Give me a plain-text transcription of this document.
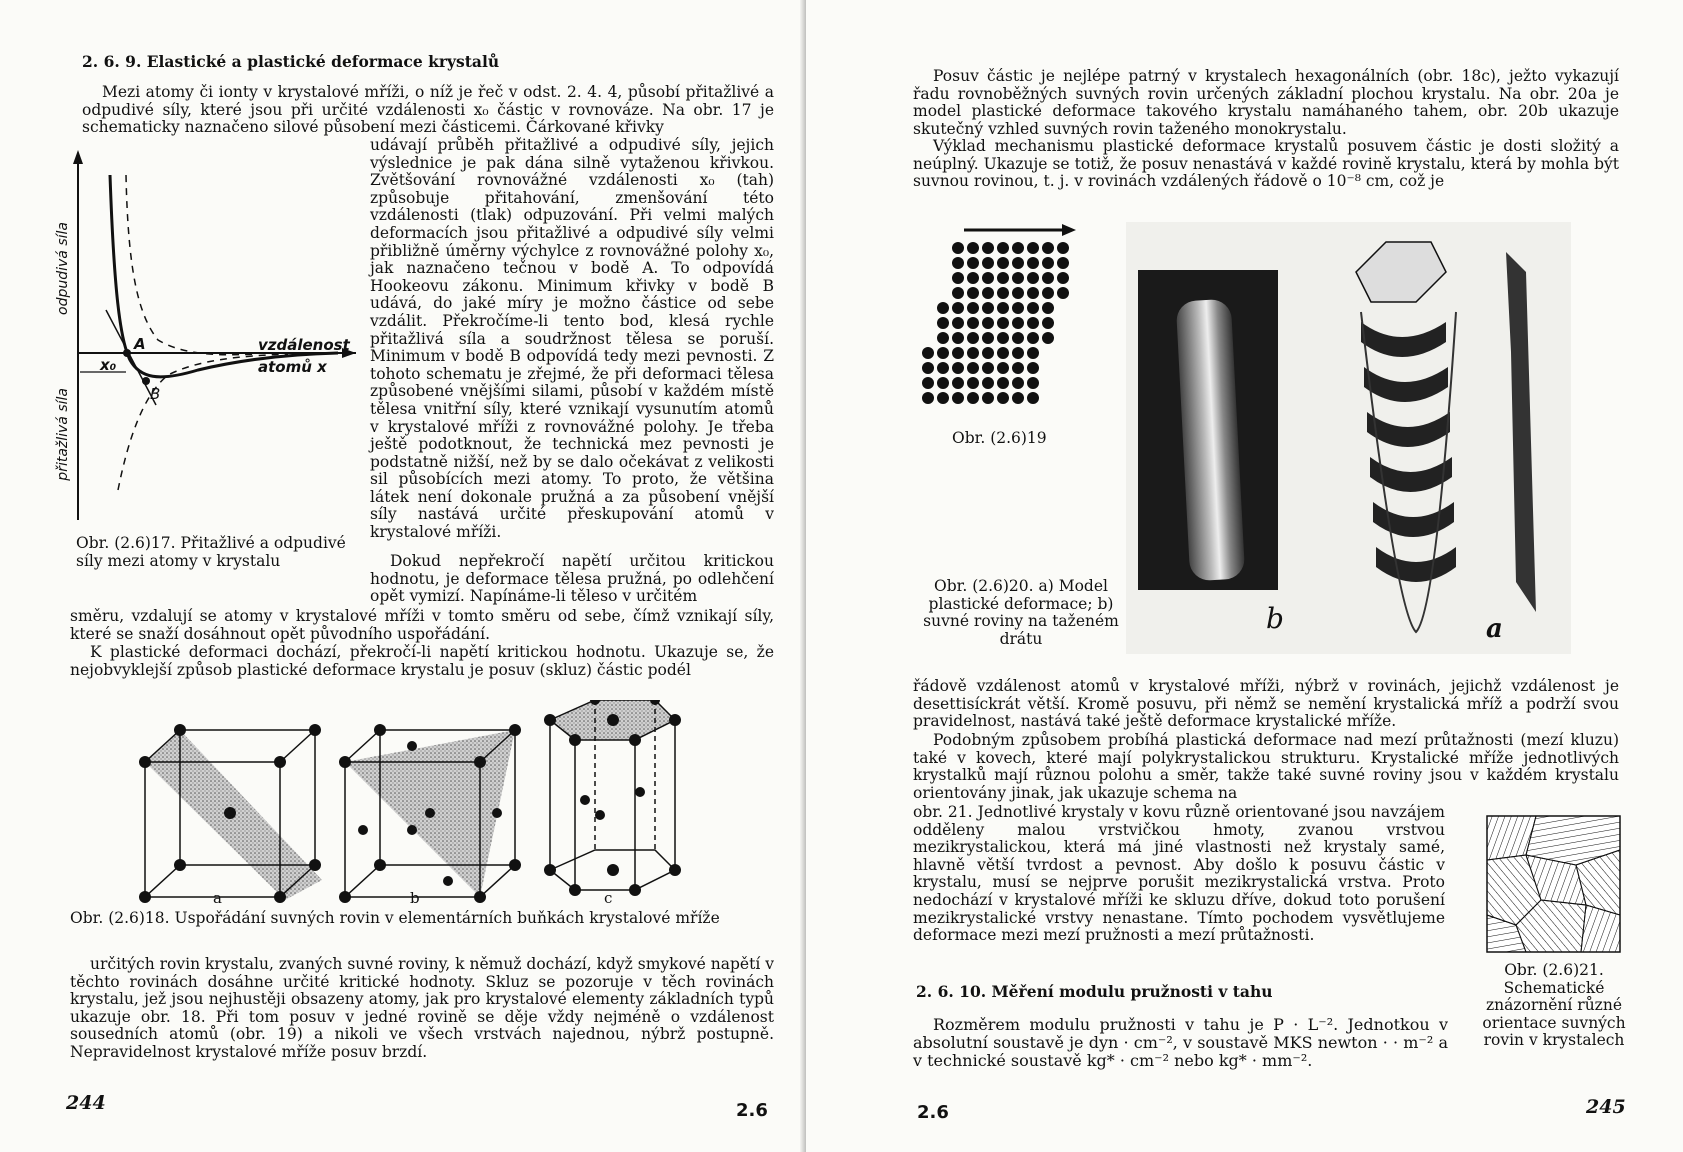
2. 6. 9. Elastické a plastické deformace krystalů

Mezi atomy či ionty v krystalové mříži, o níž je řeč v odst. 2. 4. 4, působí přitažlivé a odpudivé síly, které jsou při určité vzdálenosti x₀ částic v rovnováze. Na obr. 17 je schematicky naznačeno silové působení mezi částicemi. Čárkované křivky

odpudivá síla
přitažlivá síla
vzdálenost
atomů x
A
B
x₀

udávají průběh přitažlivé a odpudivé síly, jejich výslednice je pak dána silně vytaženou křivkou. Zvětšování rovnovážné vzdálenosti x₀ (tah) způsobuje přitahování, zmenšování této vzdálenosti (tlak) odpuzování. Při velmi malých deformacích jsou přitažlivé a odpudivé síly velmi přibližně úměrny výchylce z rovnovážné polohy x₀, jak naznačeno tečnou v bodě A. To odpovídá Hookeovu zákonu. Minimum křivky v bodě B udává, do jaké míry je možno částice od sebe vzdálit. Překročíme-li tento bod, klesá rychle přitažlivá síla a soudržnost tělesa se poruší. Minimum v bodě B odpovídá tedy mezi pevnosti. Z tohoto schematu je zřejmé, že při deformaci tělesa způsobené vnějšími silami, působí v každém místě tělesa vnitřní síly, které vznikají vysunutím atomů v krystalové mříži z rovnovážné polohy. Je třeba ještě podotknout, že technická mez pevnosti je podstatně nižší, než by se dalo očekávat z velikosti sil působících mezi atomy. To proto, že většina látek není dokonale pružná a za působení vnější síly nastává určité přeskupování atomů v krystalové mříži.

Obr. (2.6)17. Přitažlivé a odpudivé síly mezi atomy v krystalu	Dokud nepřekročí napětí určitou kritickou hodnotu, je deformace tělesa pružná, po odlehčení opět vymizí. Napínáme-li těleso v určitém

směru, vzdalují se atomy v krystalové mříži v tomto směru od sebe, čímž vznikají síly, které se snaží dosáhnout opět původního uspořádání.

K plastické deformaci dochází, překročí-li napětí kritickou hodnotu. Ukazuje se, že nejobvyklejší způsob plastické deformace krystalu je posuv (skluz) částic podél

a	b	c

Obr. (2.6)18. Uspořádání suvných rovin v elementárních buňkách krystalové mříže

určitých rovin krystalu, zvaných suvné roviny, k němuž dochází, když smykové napětí v těchto rovinách dosáhne určité kritické hodnoty. Skluz se pozoruje v těch rovinách krystalu, jež jsou nejhustěji obsazeny atomy, jak pro krystalové elementy základních typů ukazuje obr. 18. Při tom posuv v jedné rovině se děje vždy nejméně o vzdálenost sousedních atomů (obr. 19) a nikoli ve všech vrstvách najednou, nýbrž postupně. Nepravidelnost krystalové mříže posuv brzdí.

244	2.6

Posuv částic je nejlépe patrný v krystalech hexagonálních (obr. 18c), ježto vykazují řadu rovnoběžných suvných rovin určených základní plochou krystalu. Na obr. 20a je model plastické deformace takového krystalu namáhaného tahem, obr. 20b ukazuje skutečný vzhled suvných rovin taženého monokrystalu.

Výklad mechanismu plastické deformace krystalů posuvem částic je dosti složitý a neúplný. Ukazuje se totiž, že posuv nenastává v každé rovině krystalu, která by mohla být suvnou rovinou, t. j. v rovinách vzdálených řádově o 10⁻⁸ cm, což je

Obr. (2.6)19

b	a

Obr. (2.6)20. a) Model plastické deformace; b) suvné roviny na taženém drátu

řádově vzdálenost atomů v krystalové mříži, nýbrž v rovinách, jejichž vzdálenost je desettisíckrát větší. Kromě posuvu, při němž se nemění krystalická mříž a podrží svou pravidelnost, nastává také ještě deformace krystalické mříže.

Podobným způsobem probíhá plastická deformace nad mezí průtažnosti (mezí kluzu) také v kovech, které mají polykrystalickou strukturu. Krystalické mříže jednotlivých krystalků mají různou polohu a směr, takže také suvné roviny jsou v každém krystalu orientovány jinak, jak ukazuje schema na

obr. 21. Jednotlivé krystaly v kovu různě orientované jsou navzájem odděleny malou vrstvičkou hmoty, zvanou vrstvou mezikrystalickou, která má jiné vlastnosti než krystaly samé, hlavně větší tvrdost a pevnost. Aby došlo k posuvu částic v krystalu, musí se nejprve porušit mezikrystalická vrstva. Proto nedochází v krystalové mříži ke skluzu dříve, dokud toto porušení mezikrystalické vrstvy nenastane. Tímto pochodem vysvětlujeme deformace mezi mezí pružnosti a mezí průtažnosti.

Obr. (2.6)21. Schematické znázornění různé orientace suvných rovin v krystalech

2. 6. 10. Měření modulu pružnosti v tahu

Rozměrem modulu pružnosti v tahu je P · L⁻². Jednotkou v absolutní soustavě je dyn · cm⁻², v soustavě MKS newton · · m⁻² a v technické soustavě kg* · cm⁻² nebo kg* · mm⁻².

2.6	245
